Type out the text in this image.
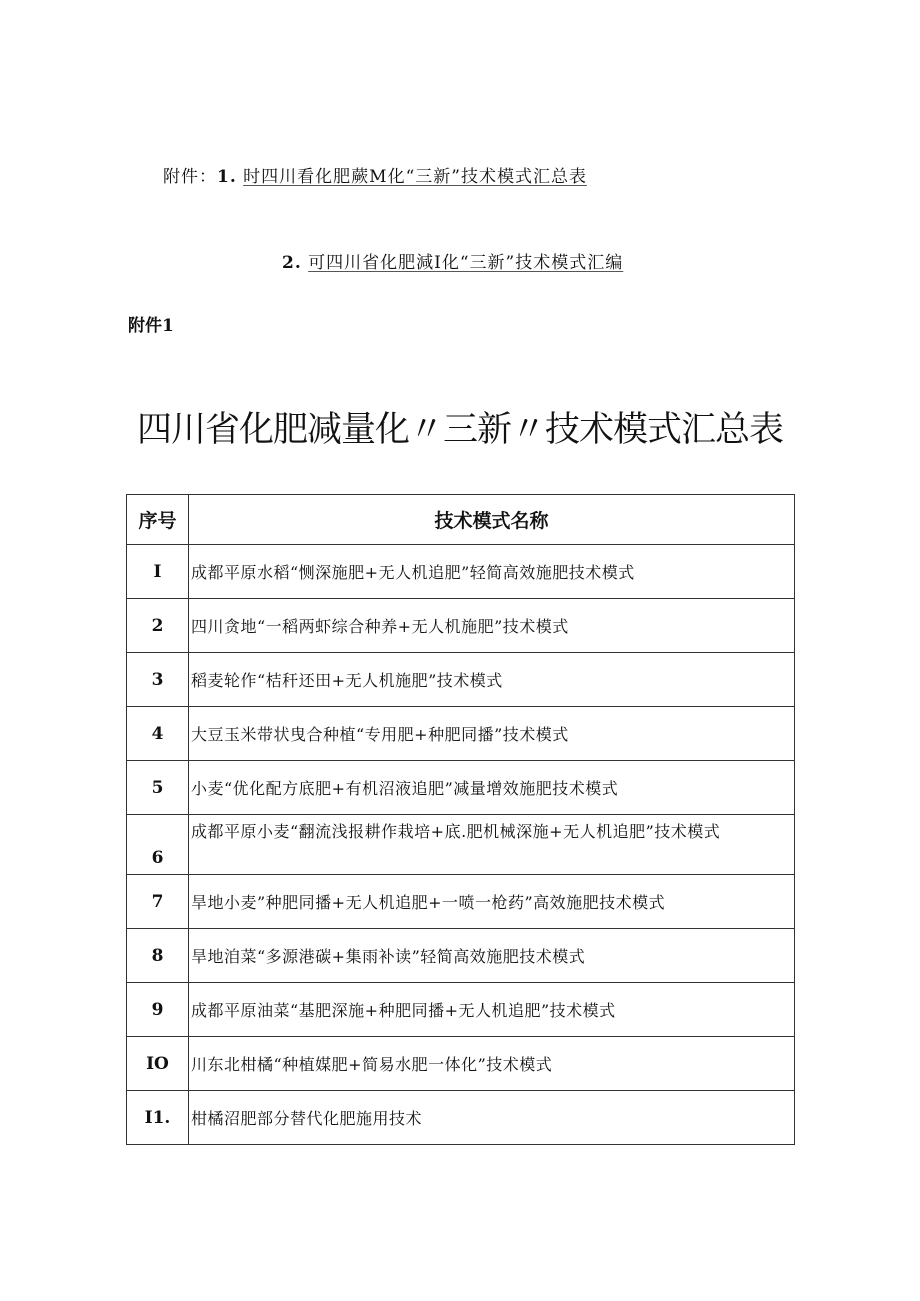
附件：1. 时四川看化肥蕨M化“三新”技术模式汇总表
2. 可四川省化肥減I化“三新”技术模式汇编
附件1
四川省化肥减量化〃三新〃技术模式汇总表
序号	技术模式名称
I	成都平原水稻“恻深施肥+无人机追肥”轻简高效施肥技术模式
2	四川贪地“一稻两虾综合种养+无人机施肥”技术模式
3	稻麦轮作“桔秆还田+无人机施肥”技术模式
4	大豆玉米带状曳合种植“专用肥+种肥同播”技术模式
5	小麦“优化配方底肥+有机沼液追肥”减量增效施肥技术模式
6	成都平原小麦“翻流浅报耕作栽培+底.肥机械深施+无人机追肥”技术模式
7	旱地小麦”种肥同播+无人机追肥+一喷一枪药”高效施肥技术模式
8	旱地洎菜“多源港碳+集雨补读”轻简高效施肥技术模式
9	成都平原油菜“基肥深施+种肥同播+无人机追肥”技术模式
IO	川东北柑橘“种植媒肥+简易水肥一体化”技术模式
I1.	柑橘沼肥部分替代化肥施用技术
